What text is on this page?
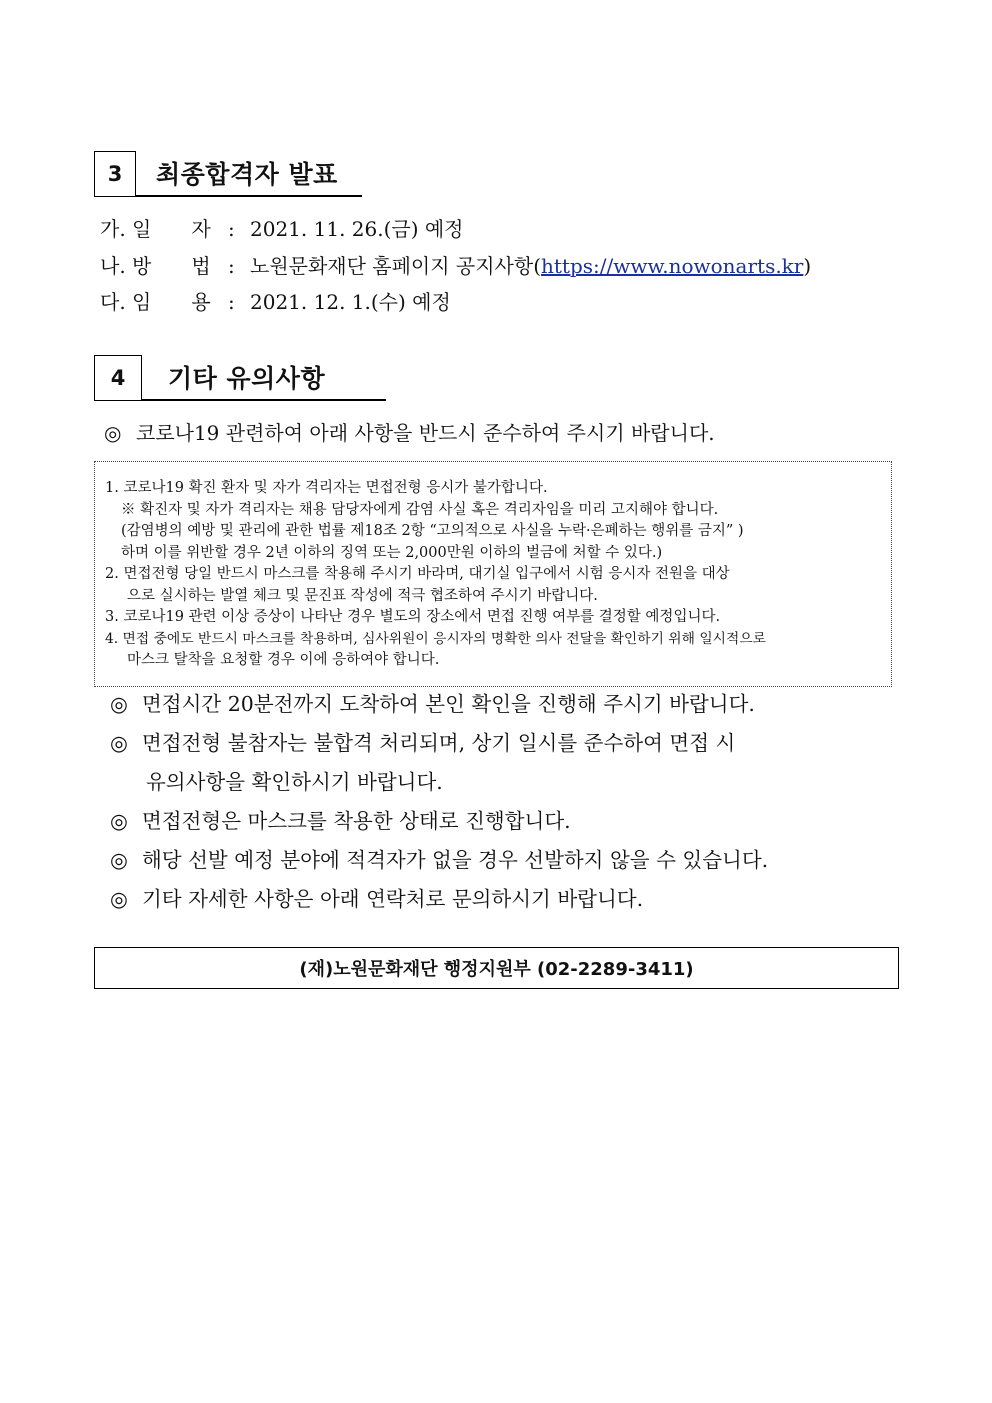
3	최종합격자 발표
가. 일　　자 : 2021. 11. 26.(금) 예정
나. 방　　법 : 노원문화재단 홈페이지 공지사항(https://www.nowonarts.kr)
다. 임　　용 : 2021. 12. 1.(수) 예정
4	기타 유의사항
◎ 코로나19 관련하여 아래 사항을 반드시 준수하여 주시기 바랍니다.
1. 코로나19 확진 환자 및 자가 격리자는 면접전형 응시가 불가합니다.
※ 확진자 및 자가 격리자는 채용 담당자에게 감염 사실 혹은 격리자임을 미리 고지해야 합니다.
(감염병의 예방 및 관리에 관한 법률 제18조 2항 “고의적으로 사실을 누락·은폐하는 행위를 금지” )
하며 이를 위반할 경우 2년 이하의 징역 또는 2,000만원 이하의 벌금에 처할 수 있다.)
2. 면접전형 당일 반드시 마스크를 착용해 주시기 바라며, 대기실 입구에서 시험 응시자 전원을 대상
으로 실시하는 발열 체크 및 문진표 작성에 적극 협조하여 주시기 바랍니다.
3. 코로나19 관련 이상 증상이 나타난 경우 별도의 장소에서 면접 진행 여부를 결정할 예정입니다.
4. 면접 중에도 반드시 마스크를 착용하며, 심사위원이 응시자의 명확한 의사 전달을 확인하기 위해 일시적으로
마스크 탈착을 요청할 경우 이에 응하여야 합니다.
◎ 면접시간 20분전까지 도착하여 본인 확인을 진행해 주시기 바랍니다.
◎ 면접전형 불참자는 불합격 처리되며, 상기 일시를 준수하여 면접 시
유의사항을 확인하시기 바랍니다.
◎ 면접전형은 마스크를 착용한 상태로 진행합니다.
◎ 해당 선발 예정 분야에 적격자가 없을 경우 선발하지 않을 수 있습니다.
◎ 기타 자세한 사항은 아래 연락처로 문의하시기 바랍니다.
(재)노원문화재단 행정지원부 (02-2289-3411)
